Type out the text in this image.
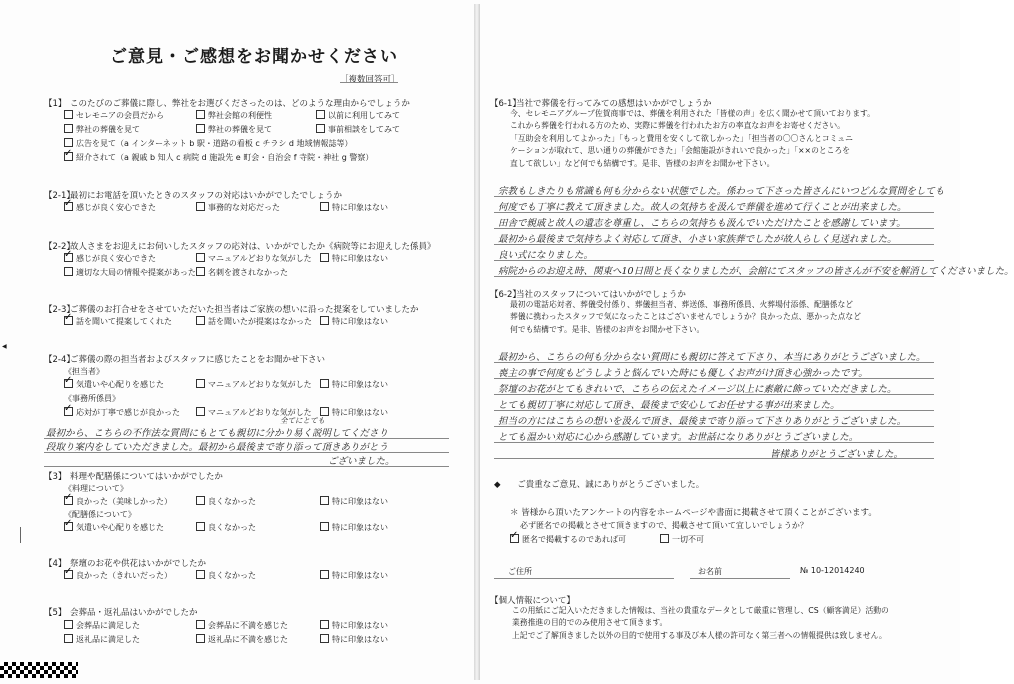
◀
ご意見・ご感想をお聞かせください
［複数回答可］
【1】 このたびのご葬儀に際し、弊社をお選びくださったのは、どのような理由からでしょうか
セレモニアの会員だから	弊社会館の利便性	以前に利用してみて
弊社の葬儀を見て	弊社の葬儀を見て	事前相談をしてみて
広告を見て（a インターネット b 駅・道路の看板 c チラシ d 地域情報誌等）
✓紹介されて（a 親戚 b 知人 c 病院 d 施設先 e 町会・自治会 f 寺院・神社 g 警察）
【2-1】最初にお電話を頂いたときのスタッフの対応はいかがでしたでしょうか
✓感じが良く安心できた	事務的な対応だった	特に印象はない
【2-2】故人さまをお迎えにお伺いしたスタッフの応対は、いかがでしたか《病院等にお迎えした係員》
✓感じが良く安心できた	マニュアルどおりな気がした	特に印象はない
適切な大局の情報や提案があった	名刺を渡されなかった
【2-3】ご葬儀のお打合せをさせていただいた担当者はご家族の想いに沿った提案をしていましたか
✓話を聞いて提案してくれた	話を聞いたが提案はなかった	特に印象はない
【2-4】ご葬儀の際の担当者およびスタッフに感じたことをお聞かせ下さい
《担当者》
✓気遣いや心配りを感じた	マニュアルどおりな気がした	特に印象はない
《事務所係員》
✓応対が丁寧で感じが良かった	マニュアルどおりな気がした	特に印象はない
全てにとても
最初から、こちらの不作法な質問にもとても親切に分かり易く説明してくださり
段取り案内をしていただきました。最初から最後まで寄り添って頂きありがとう
ございました。
【3】 料理や配膳係についてはいかがでしたか
《料理について》
✓良かった（美味しかった）	良くなかった	特に印象はない
《配膳係について》
✓気遣いや心配りを感じた	良くなかった	特に印象はない
【4】 祭壇のお花や供花はいかがでしたか
✓良かった（きれいだった）	良くなかった	特に印象はない
【5】 会葬品・返礼品はいかがでしたか
会葬品に満足した	会葬品に不満を感じた	特に印象はない
返礼品に満足した	返礼品に不満を感じた	特に印象はない
【6-1】当社で葬儀を行ってみての感想はいかがでしょうか
今、セレモニアグループ佐賀商事では、葬儀を利用された「皆様の声」を広く聞かせて頂いております。
これから葬儀を行われる方のため、実際に葬儀を行われたお方の率直なお声をお寄せください。
「互助会を利用してよかった」「もっと費用を安くして欲しかった」「担当者の〇〇さんとコミュニ
ケーションが取れて、思い通りの葬儀ができた」「会館施設がきれいで良かった」「××のところを
直して欲しい」など何でも結構です。是非、皆様のお声をお聞かせ下さい。
宗教もしきたりも常識も何も分からない状態でした。係わって下さった皆さんにいつどんな質問をしても
何度でも丁寧に教えて頂きました。故人の気持ちを汲んで葬儀を進めて行くことが出来ました。
田舎で親戚と故人の遺志を尊重し、こちらの気持ちも汲んでいただけたことを感謝しています。
最初から最後まで気持ちよく対応して頂き、小さい家族葬でしたが故人らしく見送れました。
良い式になりました。
病院からのお迎え時、関東へ10日間と長くなりましたが、会館にてスタッフの皆さんが不安を解消してくださいました。
【6-2】当社のスタッフについてはいかがでしょうか
最初の電話応対者、葬儀受付係り、葬儀担当者、葬送係、事務所係員、火葬場付添係、配膳係など
葬儀に携わったスタッフで気になったことはございませんでしょうか？良かった点、悪かった点など
何でも結構です。是非、皆様のお声をお聞かせ下さい。
最初から、こちらの何も分からない質問にも親切に答えて下さり、本当にありがとうございました。
喪主の事で何度もどうしようと悩んでいた時にも優しくお声がけ頂き心強かったです。
祭壇のお花がとてもきれいで、こちらの伝えたイメージ以上に素敵に飾っていただきました。
とても親切丁寧に対応して頂き、最後まで安心してお任せする事が出来ました。
担当の方にはこちらの想いを汲んで頂き、最後まで寄り添って下さりありがとうございました。
とても温かい対応に心から感謝しています。お世話になりありがとうございました。
皆様ありがとうございました。
◆ ご貴重なご意見、誠にありがとうございました。
＊ 皆様から頂いたアンケートの内容をホームページや書面に掲載させて頂くことがございます。
必ず匿名での掲載とさせて頂きますので、掲載させて頂いて宜しいでしょうか？
✓匿名で掲載するのであれば可	一切不可
ご住所	お名前	№ 10-12014240
【個人情報について】
この用紙にご記入いただきました情報は、当社の貴重なデータとして厳重に管理し、CS（顧客満足）活動の
業務推進の目的でのみ使用させて頂きます。
上記でご了解頂きました以外の目的で使用する事及び本人様の許可なく第三者への情報提供は致しません。
